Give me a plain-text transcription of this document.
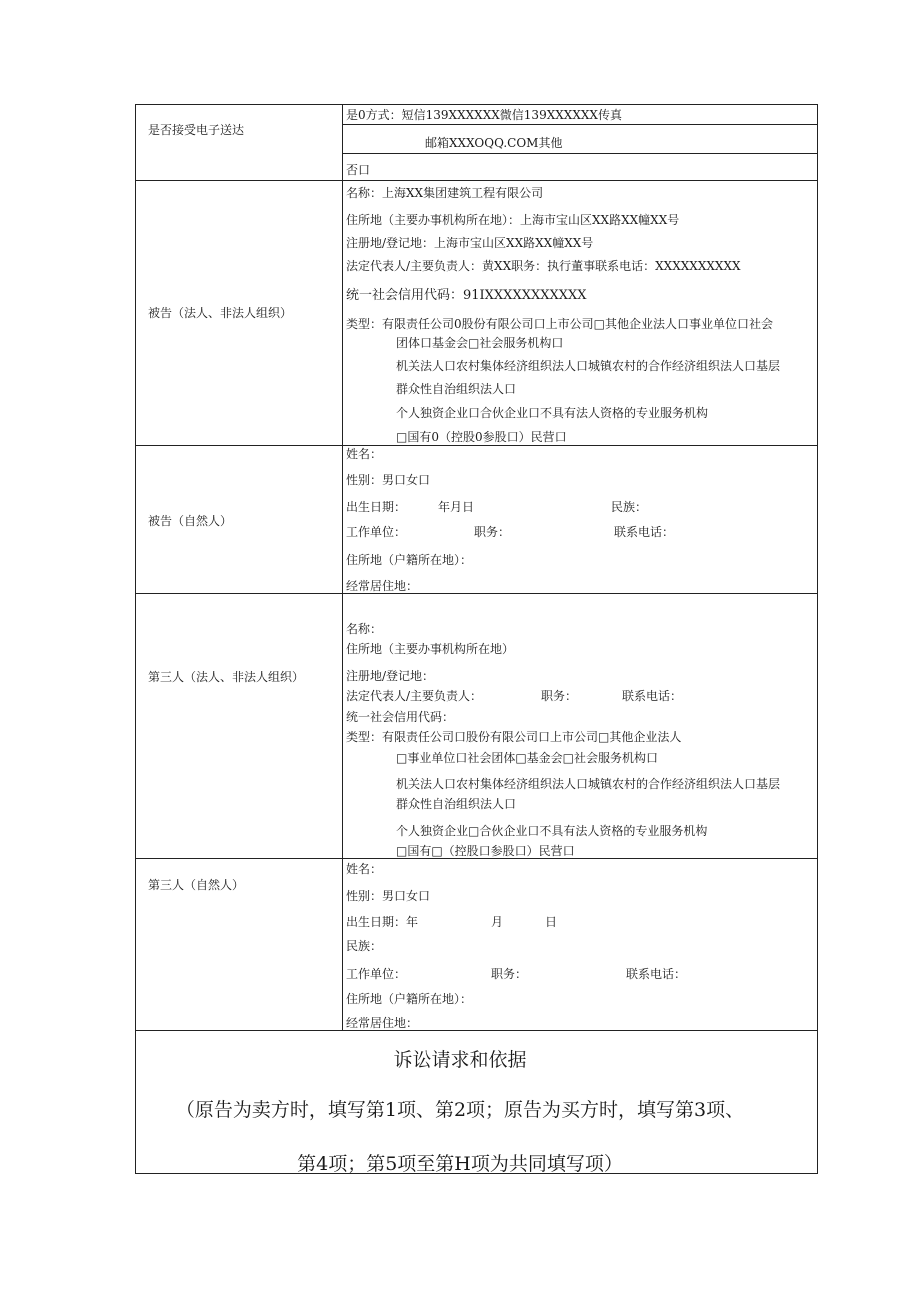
是否接受电子送达
是0方式：短信139XXXXXX微信139XXXXXX传真
邮箱XXXOQQ.COM其他
否口
被告（法人、非法人组织）
名称：上海XX集团建筑工程有限公司
住所地（主要办事机构所在地）：上海市宝山区XX路XX幢XX号
注册地/登记地：上海市宝山区XX路XX幢XX号
法定代表人/主要负责人：黄XX职务：执行董事联系电话：XXXXXXXXXX
统一社会信用代码：91IXXXXXXXXXXX
类型：有限责任公司0股份有限公司口上市公司□其他企业法人口事业单位口社会
团体口基金会□社会服务机构口
机关法人口农村集体经济组织法人口城镇农村的合作经济组织法人口基层
群众性自治组织法人口
个人独资企业口合伙企业口不具有法人资格的专业服务机构
□国有0（控股0参股口）民营口
被告（自然人）
姓名：
性别：男口女口
出生日期：	年月日	民族：
工作单位：	职务：	联系电话：
住所地（户籍所在地）：
经常居住地：
第三人（法人、非法人组织）
名称：
住所地（主要办事机构所在地）
注册地/登记地：
法定代表人/主要负责人：	职务：	联系电话：
统一社会信用代码：
类型：有限责任公司口股份有限公司口上市公司□其他企业法人
□事业单位口社会团体□基金会□社会服务机构口
机关法人口农村集体经济组织法人口城镇农村的合作经济组织法人口基层
群众性自治组织法人口
个人独资企业□合伙企业口不具有法人资格的专业服务机构
□国有□（控股口参股口）民营口
第三人（自然人）
姓名：
性别：男口女口
出生日期：年	月	日
民族：
工作单位：	职务：	联系电话：
住所地（户籍所在地）：
经常居住地：
诉讼请求和依据
（原告为卖方时，填写第1项、第2项；原告为买方时，填写第3项、
第4项；第5项至第H项为共同填写项）
